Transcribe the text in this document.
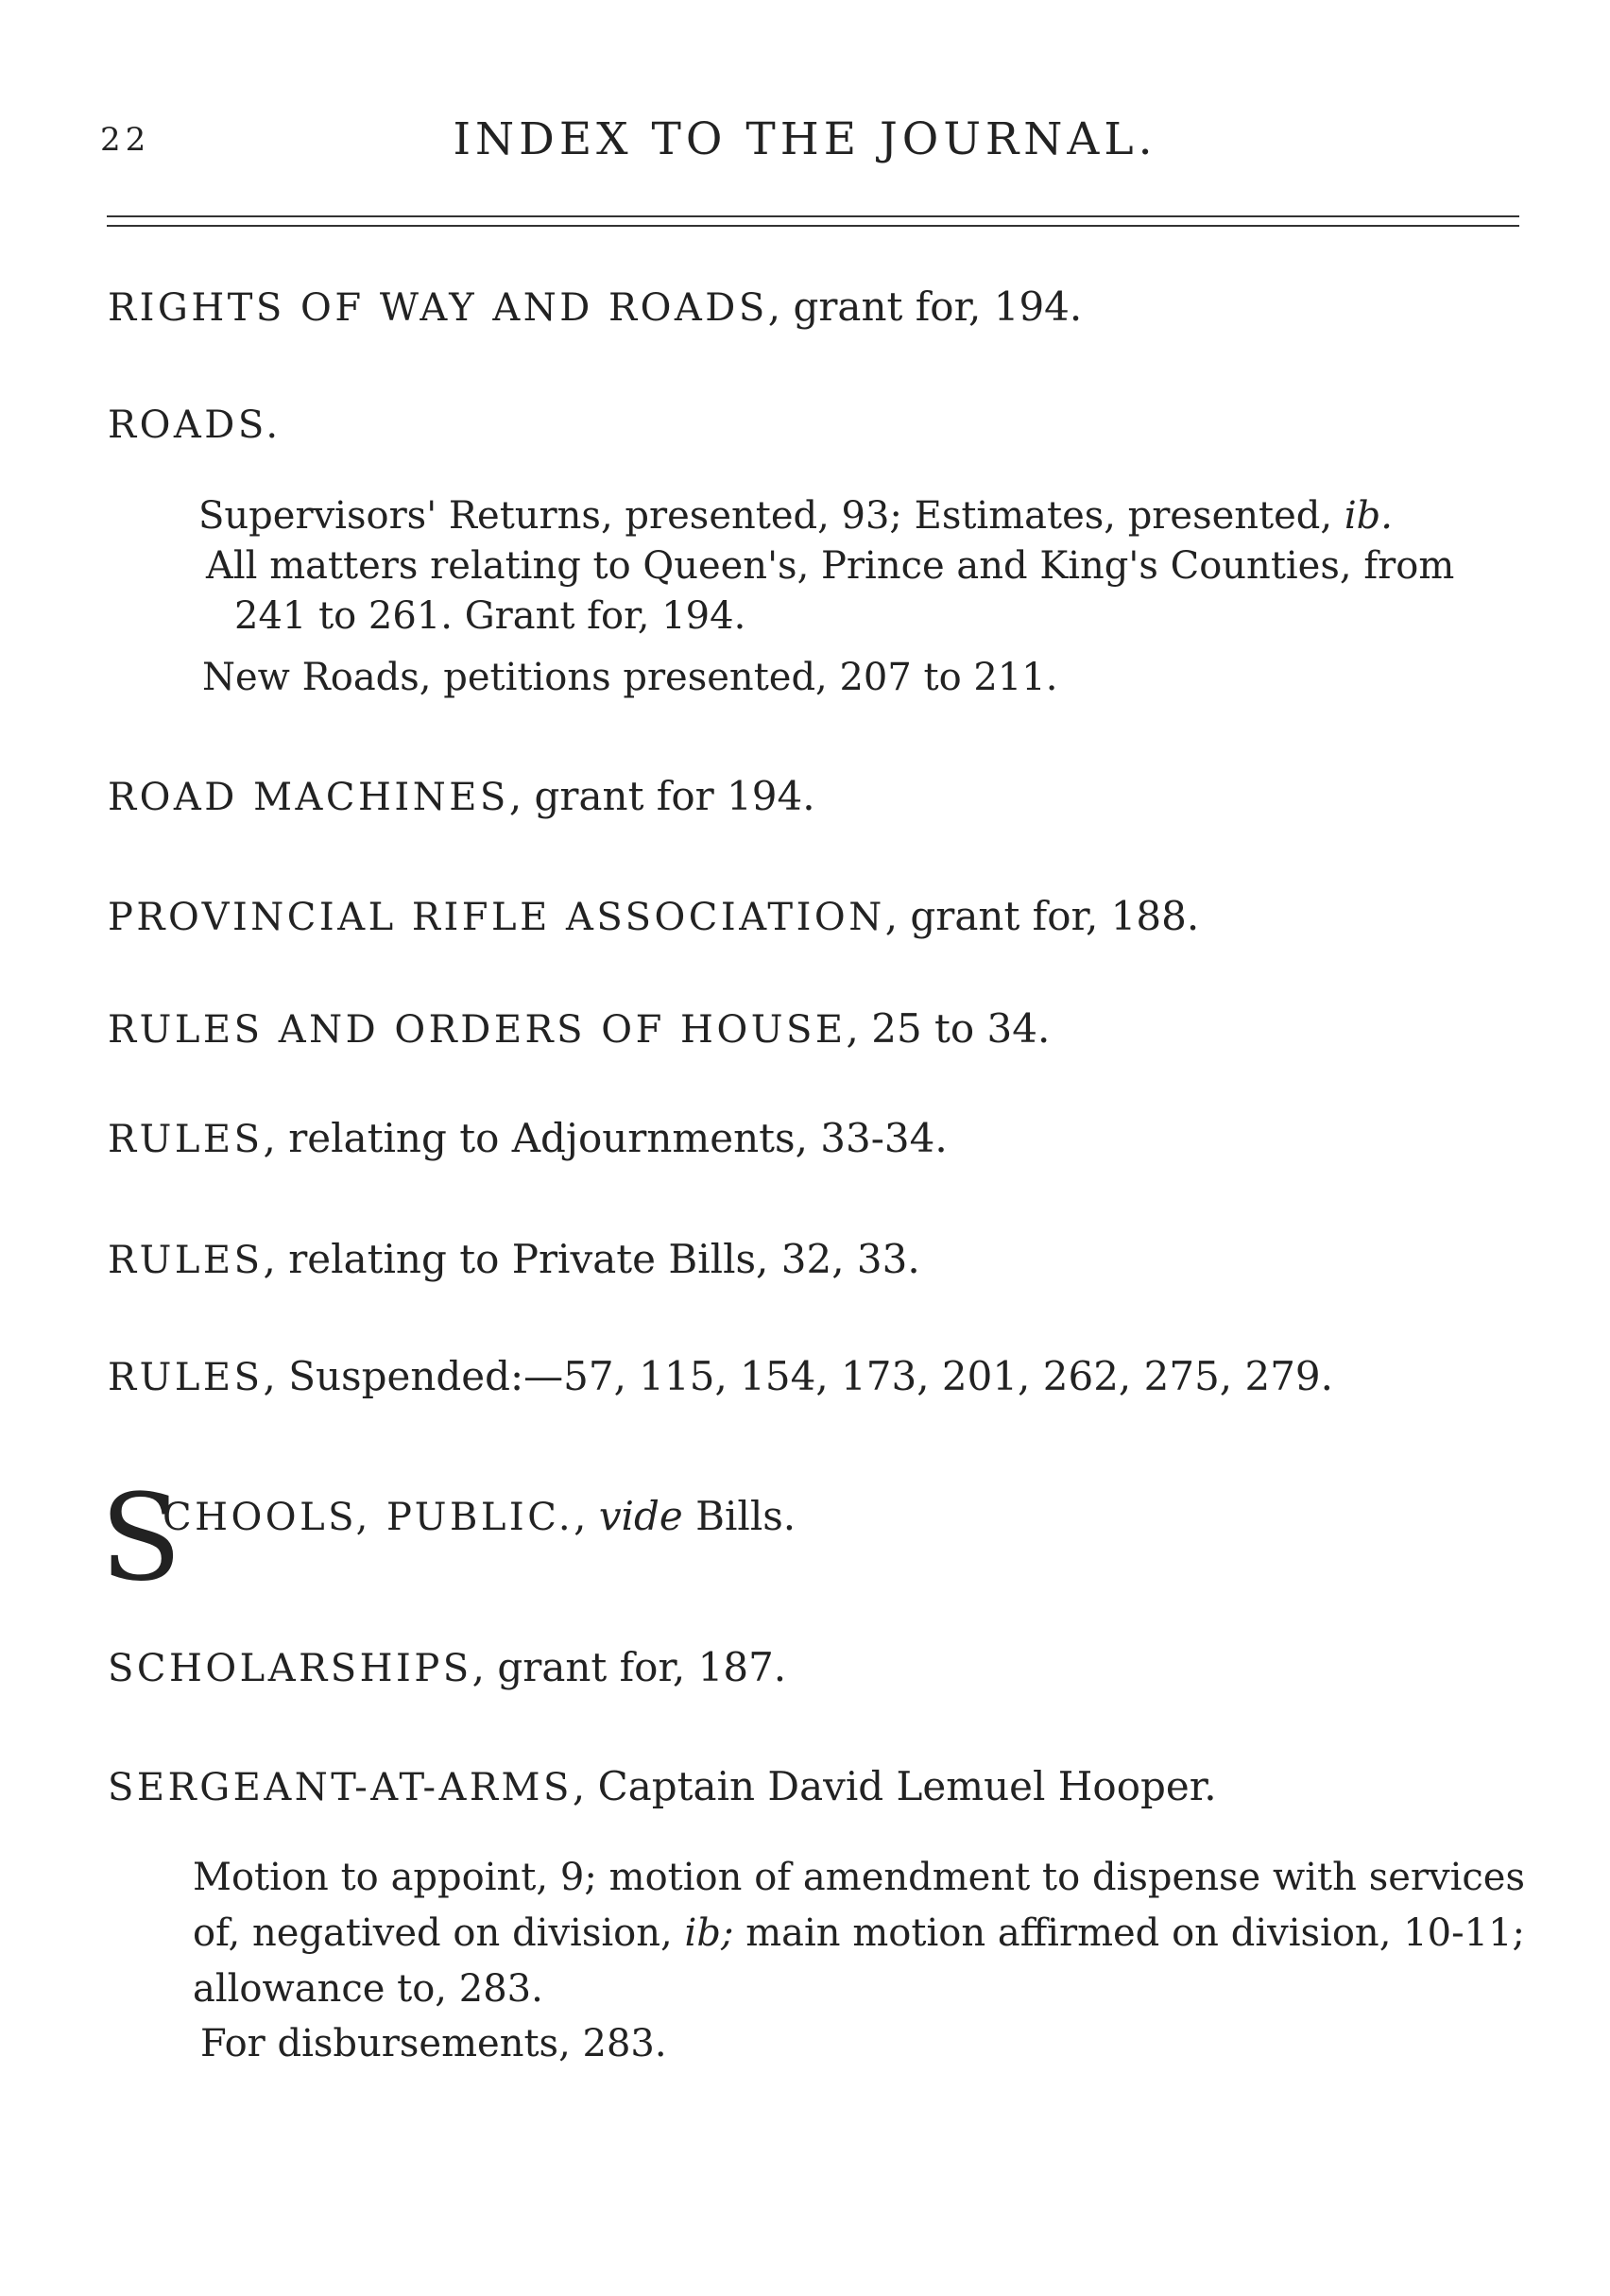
22	INDEX TO THE JOURNAL.
RIGHTS OF WAY AND ROADS, grant for, 194.
ROADS.
Supervisors' Returns, presented, 93; Estimates, presented, ib.
All matters relating to Queen's, Prince and King's Counties, from
241 to 261. Grant for, 194.
New Roads, petitions presented, 207 to 211.
ROAD MACHINES, grant for 194.
PROVINCIAL RIFLE ASSOCIATION, grant for, 188.
RULES AND ORDERS OF HOUSE, 25 to 34.
RULES, relating to Adjournments, 33-34.
RULES, relating to Private Bills, 32, 33.
RULES, Suspended:—57, 115, 154, 173, 201, 262, 275, 279.
S
CHOOLS, PUBLIC., vide Bills.
SCHOLARSHIPS, grant for, 187.
SERGEANT-AT-ARMS, Captain David Lemuel Hooper.
Motion to appoint, 9; motion of amendment to dispense with services of, negatived on division, ib; main motion affirmed on division, 10-11; allowance to, 283.
For disbursements, 283.
